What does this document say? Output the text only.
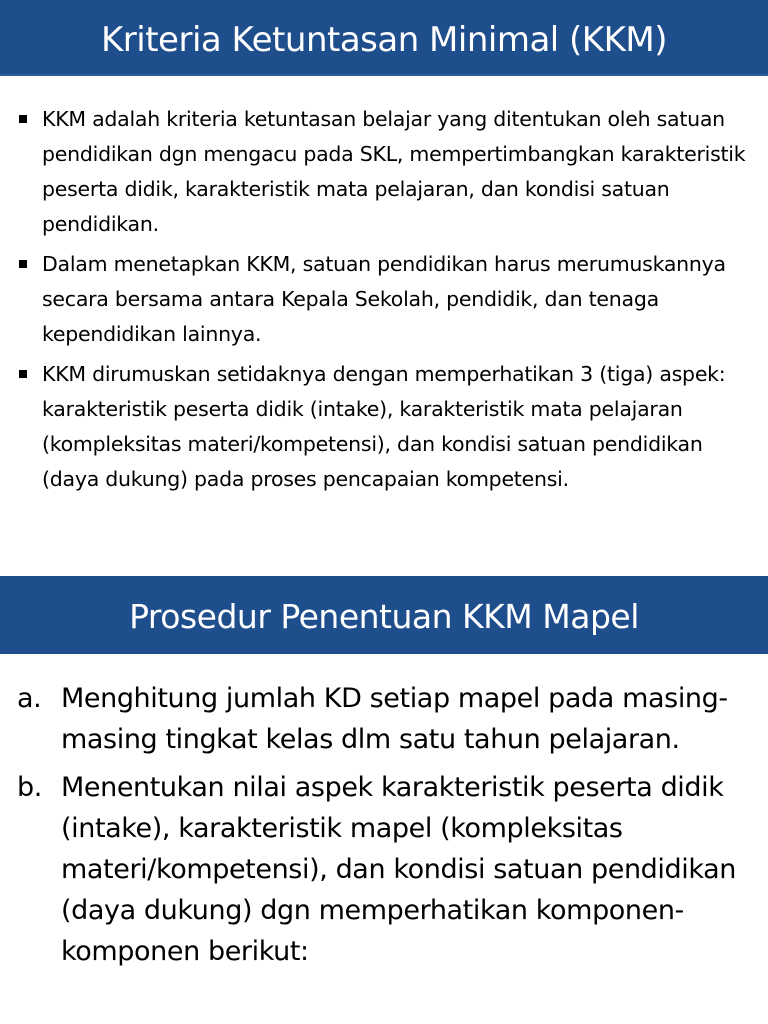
Kriteria Ketuntasan Minimal (KKM)
KKM adalah kriteria ketuntasan belajar yang ditentukan oleh satuan pendidikan dgn mengacu pada SKL, mempertimbangkan karakteristik peserta didik, karakteristik mata pelajaran, dan kondisi satuan pendidikan.
Dalam menetapkan KKM, satuan pendidikan harus merumuskannya secara bersama antara Kepala Sekolah, pendidik, dan tenaga kependidikan lainnya.
KKM dirumuskan setidaknya dengan memperhatikan 3 (tiga) aspek: karakteristik peserta didik (intake), karakteristik mata pelajaran (kompleksitas materi/kompetensi), dan kondisi satuan pendidikan (daya dukung) pada proses pencapaian kompetensi.
Prosedur Penentuan KKM Mapel
a. Menghitung jumlah KD setiap mapel pada masing-masing tingkat kelas dlm satu tahun pelajaran.
b. Menentukan nilai aspek karakteristik peserta didik (intake), karakteristik mapel (kompleksitas materi/kompetensi), dan kondisi satuan pendidikan (daya dukung) dgn memperhatikan komponen-komponen berikut:
